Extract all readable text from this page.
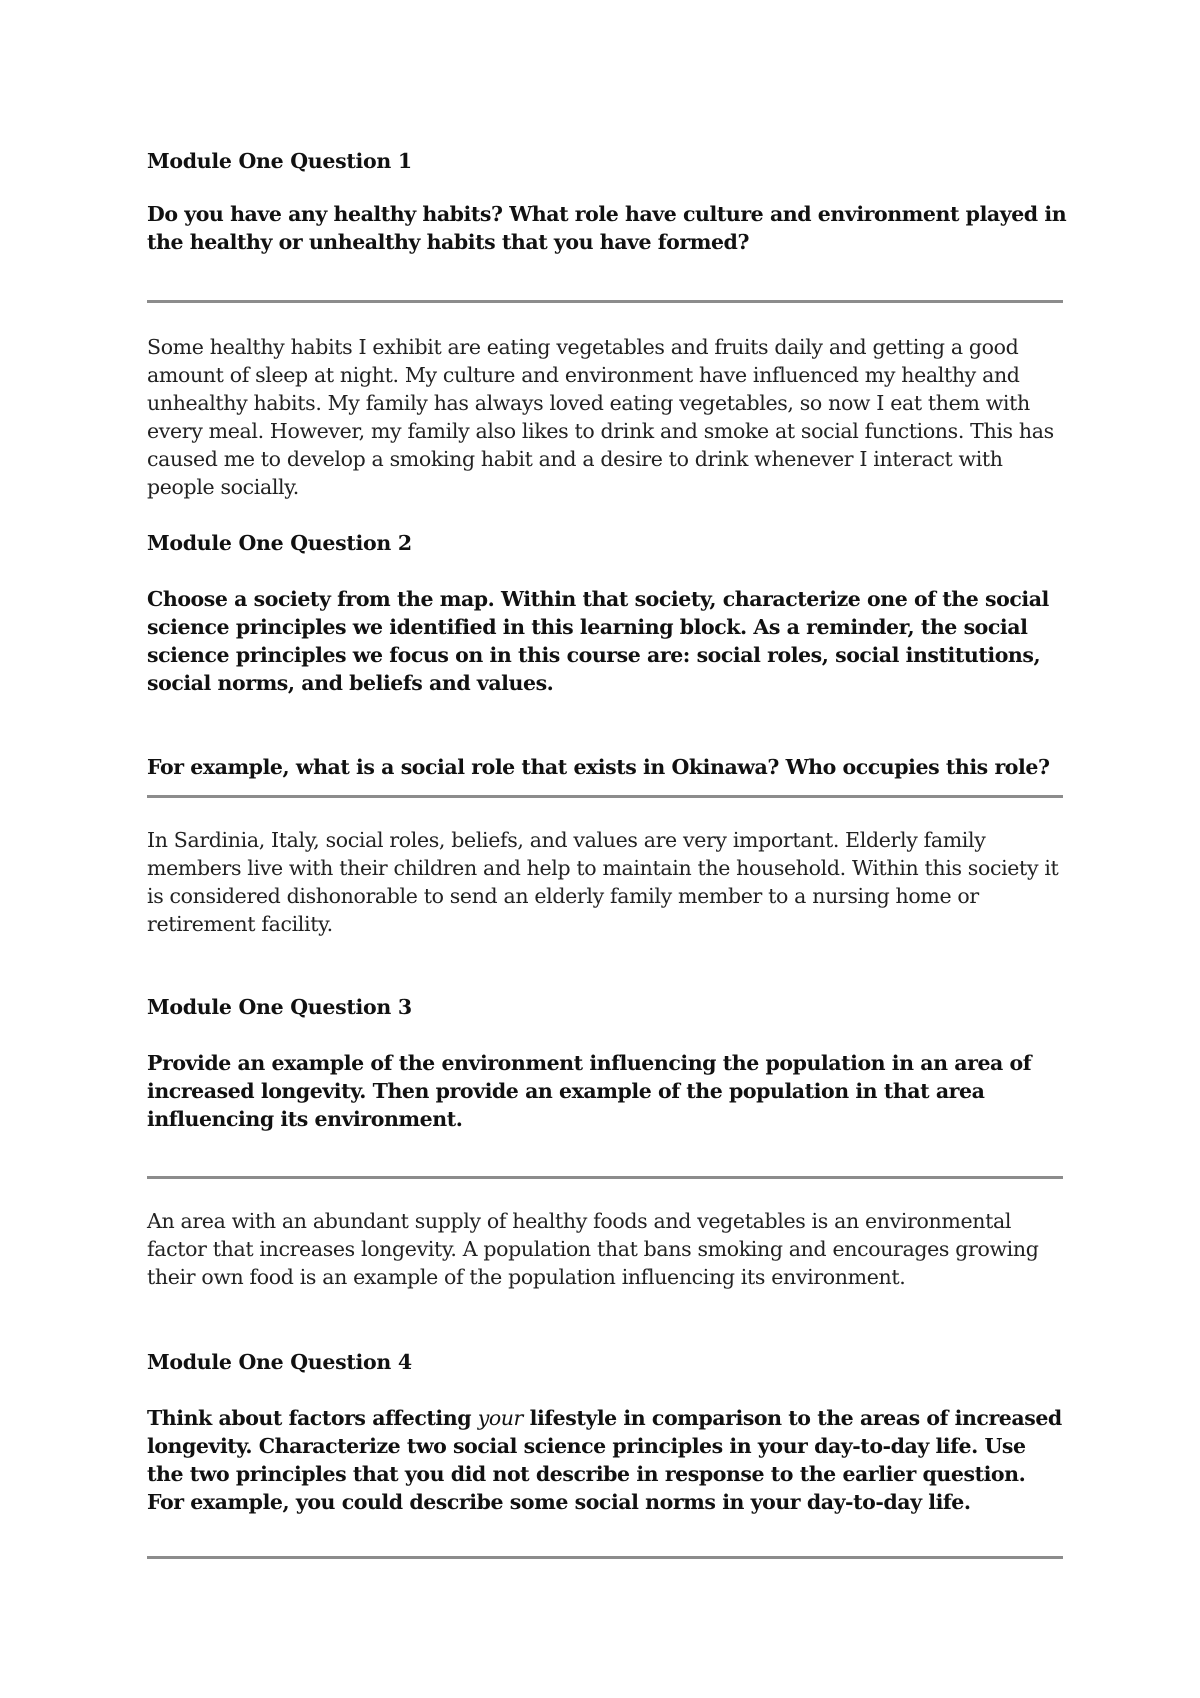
Module One Question 1

Do you have any healthy habits? What role have culture and environment played in the healthy or unhealthy habits that you have formed?

Some healthy habits I exhibit are eating vegetables and fruits daily and getting a good amount of sleep at night. My culture and environment have influenced my healthy and unhealthy habits. My family has always loved eating vegetables, so now I eat them with every meal. However, my family also likes to drink and smoke at social functions. This has caused me to develop a smoking habit and a desire to drink whenever I interact with people socially.

Module One Question 2

Choose a society from the map. Within that society, characterize one of the social science principles we identified in this learning block. As a reminder, the social science principles we focus on in this course are: social roles, social institutions, social norms, and beliefs and values.

For example, what is a social role that exists in Okinawa? Who occupies this role?

In Sardinia, Italy, social roles, beliefs, and values are very important. Elderly family members live with their children and help to maintain the household. Within this society it is considered dishonorable to send an elderly family member to a nursing home or retirement facility.

Module One Question 3

Provide an example of the environment influencing the population in an area of increased longevity. Then provide an example of the population in that area influencing its environment.

An area with an abundant supply of healthy foods and vegetables is an environmental factor that increases longevity. A population that bans smoking and encourages growing their own food is an example of the population influencing its environment.

Module One Question 4

Think about factors affecting your lifestyle in comparison to the areas of increased longevity. Characterize two social science principles in your day-to-day life. Use the two principles that you did not describe in response to the earlier question. For example, you could describe some social norms in your day-to-day life.
